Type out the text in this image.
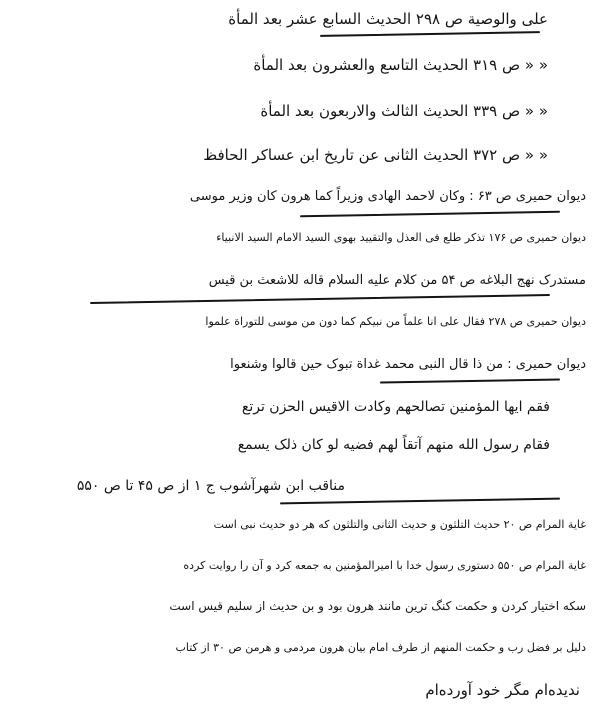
علی والوصیة ص ۲۹۸ الحدیث السابع عشر بعد المأة
« « ص ۳۱۹ الحدیث التاسع والعشرون بعد المأة
« « ص ۳۳۹ الحدیث الثالث والاربعون بعد المأة
« « ص ۳۷۲ الحدیث الثانی عن تاریخ ابن عساکر الحافظ
دیوان حمیری ص ۶۳ : وکان لاحمد الهادی وزیراً کما هرون کان وزیر موسی
دیوان حمیری ص ۱۷۶ تذکر طلع فی العذل والتقیید بهوی السید الامام السید الانبیاء
مستدرک نهج البلاغه ص ۵۴ من کلام علیه السلام قاله للاشعث بن قیس
دیوان حمیری ص ۲۷۸ فقال علی انا علماً من نبیکم کما دون من موسی للتوراة علموا
دیوان حمیری : من ذا قال النبی محمد غداة تبوک حین قالوا وشنعوا
فقم ایها المؤمنین تصالحهم وکادت الاقیس الحزن ترتع
فقام رسول الله منهم آتقاً لهم فضیه لو کان ذلک یسمع
مناقب ابن شهرآشوب ج ۱ از ص ۴۵ تا ص ۵۵۰
غایة المرام ص ۲۰ حدیث التلثون و حدیث الثانی والتلثون که هر دو حدیث نبی است
غایة المرام ص ۵۵۰ دستوری رسول خدا با امیرالمؤمنین به جمعه کرد و آن را روایت کرده
سکه اختیار کردن و حکمت کنگ ترین مانند هرون بود و بن حدیث از سلیم قیس است
دلیل بر فضل رب و حکمت المنهم از طرف امام بیان هرون مردمی و هرمن ص ۳۰ از کتاب
ندیده‌ام مگر خود آورده‌ام
